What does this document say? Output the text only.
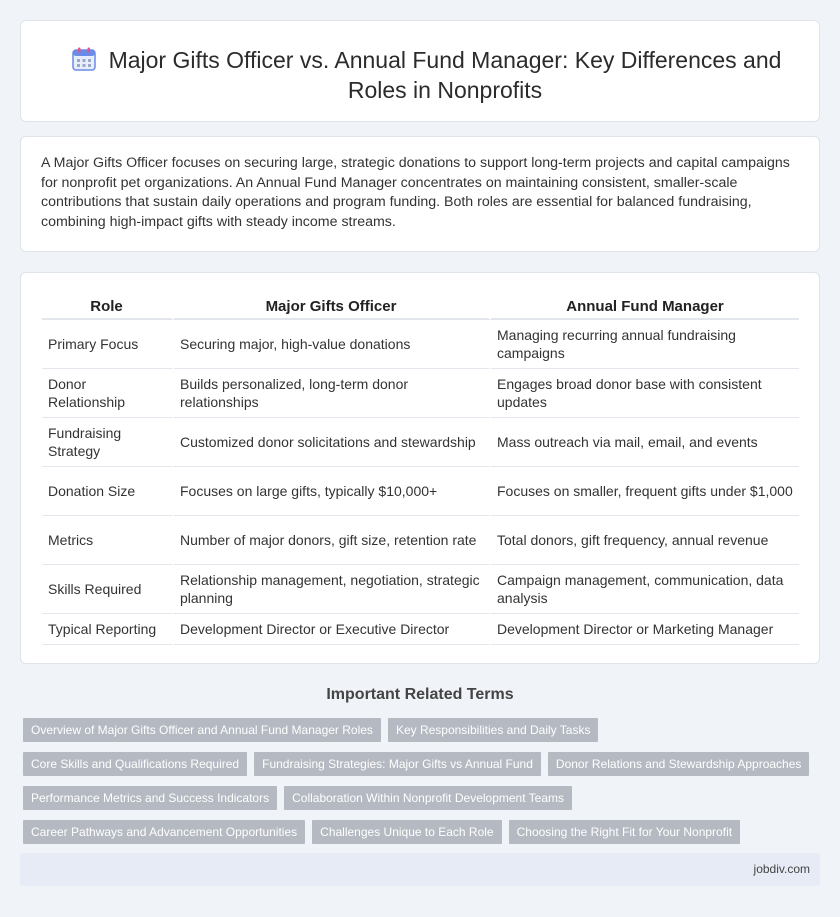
Major Gifts Officer vs. Annual Fund Manager: Key Differences and Roles in Nonprofits

A Major Gifts Officer focuses on securing large, strategic donations to support long-term projects and capital campaigns for nonprofit pet organizations. An Annual Fund Manager concentrates on maintaining consistent, smaller-scale contributions that sustain daily operations and program funding. Both roles are essential for balanced fundraising, combining high-impact gifts with steady income streams.

Role	Major Gifts Officer	Annual Fund Manager
Primary Focus	Securing major, high-value donations	Managing recurring annual fundraising campaigns
Donor Relationship	Builds personalized, long-term donor relationships	Engages broad donor base with consistent updates
Fundraising Strategy	Customized donor solicitations and stewardship	Mass outreach via mail, email, and events
Donation Size	Focuses on large gifts, typically $10,000+	Focuses on smaller, frequent gifts under $1,000
Metrics	Number of major donors, gift size, retention rate	Total donors, gift frequency, annual revenue
Skills Required	Relationship management, negotiation, strategic planning	Campaign management, communication, data analysis
Typical Reporting	Development Director or Executive Director	Development Director or Marketing Manager
Important Related Terms
Overview of Major Gifts Officer and Annual Fund Manager Roles	Key Responsibilities and Daily Tasks
Core Skills and Qualifications Required	Fundraising Strategies: Major Gifts vs Annual Fund	Donor Relations and Stewardship Approaches
Performance Metrics and Success Indicators	Collaboration Within Nonprofit Development Teams
Career Pathways and Advancement Opportunities	Challenges Unique to Each Role	Choosing the Right Fit for Your Nonprofit
jobdiv.com
